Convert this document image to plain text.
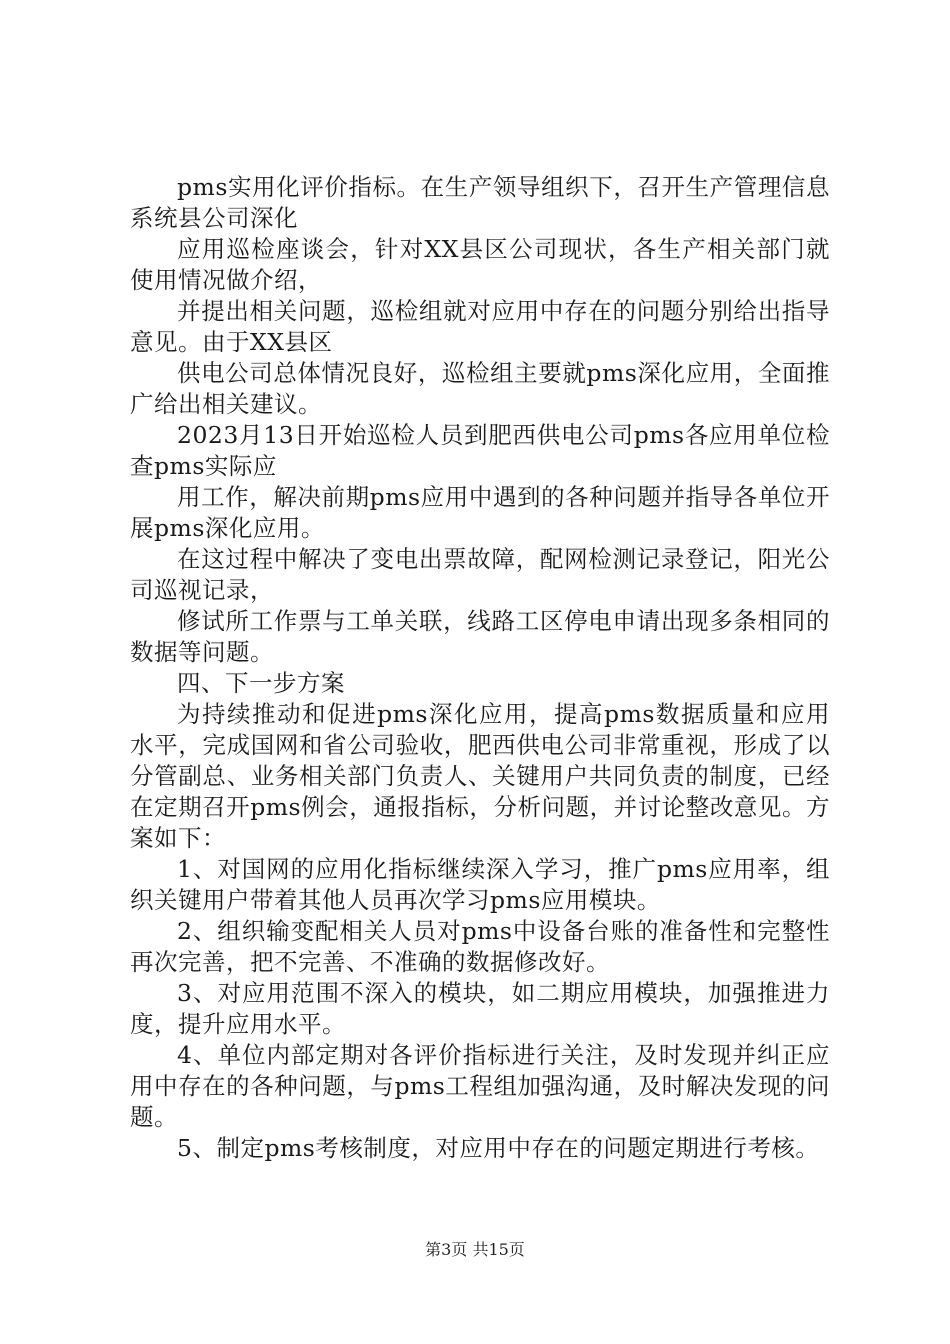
pms实用化评价指标。在生产领导组织下，召开生产管理信息系统县公司深化

应用巡检座谈会，针对XX县区公司现状，各生产相关部门就使用情况做介绍，

并提出相关问题，巡检组就对应用中存在的问题分别给出指导意见。由于XX县区

供电公司总体情况良好，巡检组主要就pms深化应用，全面推广给出相关建议。

2023月13日开始巡检人员到肥西供电公司pms各应用单位检查pms实际应

用工作，解决前期pms应用中遇到的各种问题并指导各单位开展pms深化应用。

在这过程中解决了变电出票故障，配网检测记录登记，阳光公司巡视记录，

修试所工作票与工单关联，线路工区停电申请出现多条相同的数据等问题。

四、下一步方案

为持续推动和促进pms深化应用，提高pms数据质量和应用水平，完成国网和省公司验收，肥西供电公司非常重视，形成了以分管副总、业务相关部门负责人、关键用户共同负责的制度，已经在定期召开pms例会，通报指标，分析问题，并讨论整改意见。方案如下：

1、对国网的应用化指标继续深入学习，推广pms应用率，组织关键用户带着其他人员再次学习pms应用模块。

2、组织输变配相关人员对pms中设备台账的准备性和完整性再次完善，把不完善、不准确的数据修改好。

3、对应用范围不深入的模块，如二期应用模块，加强推进力度，提升应用水平。

4、单位内部定期对各评价指标进行关注，及时发现并纠正应用中存在的各种问题，与pms工程组加强沟通，及时解决发现的问题。

5、制定pms考核制度，对应用中存在的问题定期进行考核。

第3页 共15页
